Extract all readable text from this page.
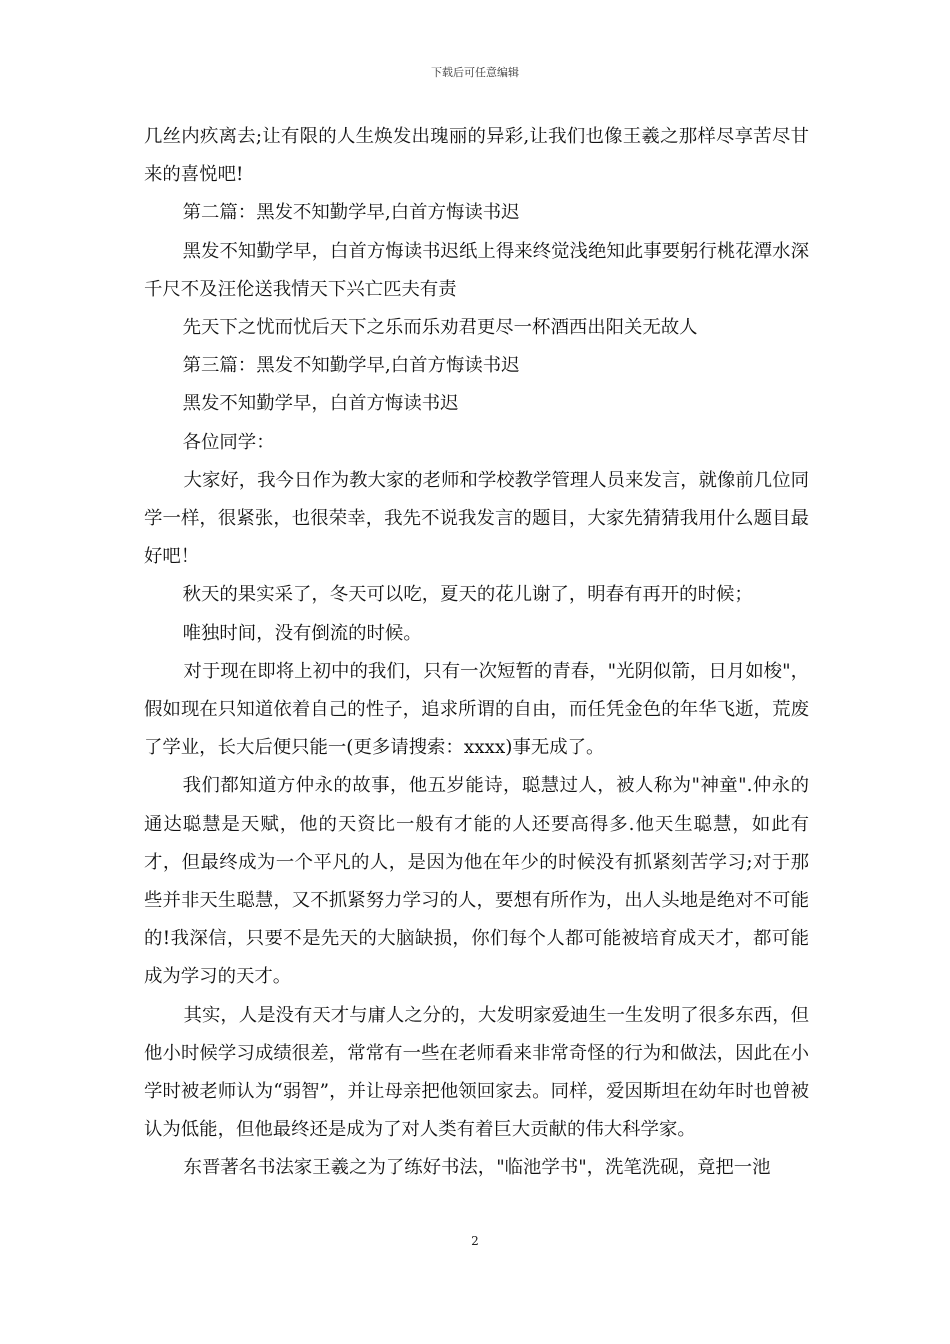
下载后可任意编辑

几丝内疚离去;让有限的人生焕发出瑰丽的异彩,让我们也像王羲之那样尽享苦尽甘来的喜悦吧!

第二篇：黑发不知勤学早,白首方悔读书迟

黑发不知勤学早，白首方悔读书迟纸上得来终觉浅绝知此事要躬行桃花潭水深千尺不及汪伦送我情天下兴亡匹夫有责

先天下之忧而忧后天下之乐而乐劝君更尽一杯酒西出阳关无故人

第三篇：黑发不知勤学早,白首方悔读书迟

黑发不知勤学早，白首方悔读书迟

各位同学：

大家好，我今日作为教大家的老师和学校教学管理人员来发言，就像前几位同学一样，很紧张，也很荣幸，我先不说我发言的题目，大家先猜猜我用什么题目最好吧！

秋天的果实采了，冬天可以吃，夏天的花儿谢了，明春有再开的时候；

唯独时间，没有倒流的时候。

对于现在即将上初中的我们，只有一次短暂的青春，"光阴似箭，日月如梭"，假如现在只知道依着自己的性子，追求所谓的自由，而任凭金色的年华飞逝，荒废了学业，长大后便只能一(更多请搜索：xxxx)事无成了。

我们都知道方仲永的故事，他五岁能诗，聪慧过人，被人称为"神童".仲永的通达聪慧是天赋，他的天资比一般有才能的人还要高得多.他天生聪慧，如此有才，但最终成为一个平凡的人，是因为他在年少的时候没有抓紧刻苦学习;对于那些并非天生聪慧，又不抓紧努力学习的人，要想有所作为，出人头地是绝对不可能的!我深信，只要不是先天的大脑缺损，你们每个人都可能被培育成天才，都可能成为学习的天才。

其实，人是没有天才与庸人之分的，大发明家爱迪生一生发明了很多东西，但他小时候学习成绩很差，常常有一些在老师看来非常奇怪的行为和做法，因此在小学时被老师认为“弱智”，并让母亲把他领回家去。同样，爱因斯坦在幼年时也曾被认为低能，但他最终还是成为了对人类有着巨大贡献的伟大科学家。

东晋著名书法家王羲之为了练好书法，"临池学书"，洗笔洗砚，竟把一池

2
